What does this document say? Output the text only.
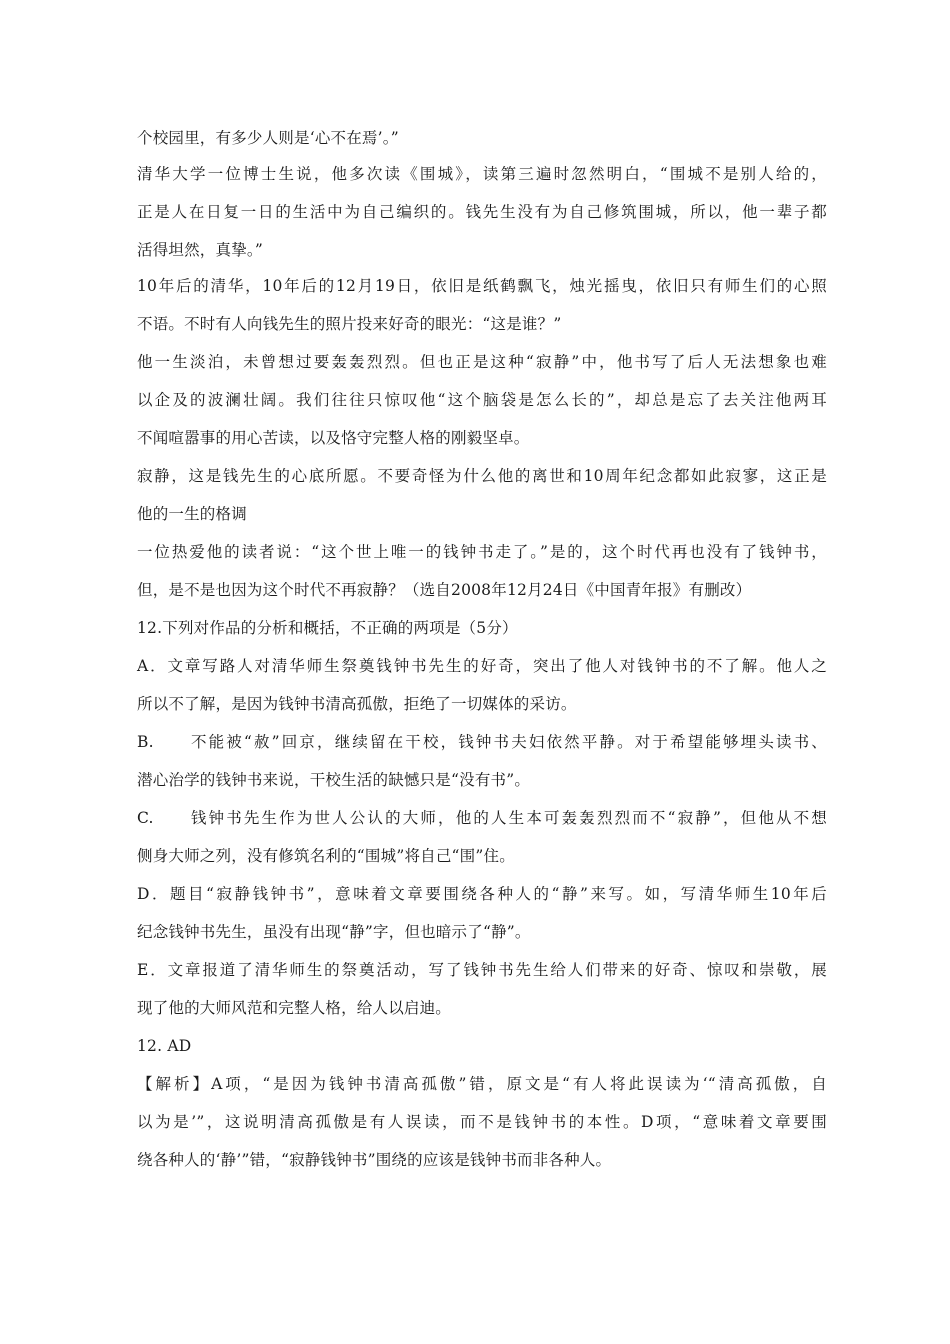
个校园里，有多少人则是‘心不在焉’。”
清华大学一位博士生说，他多次读《围城》，读第三遍时忽然明白，“围城不是别人给的，
正是人在日复一日的生活中为自己编织的。钱先生没有为自己修筑围城，所以，他一辈子都
活得坦然，真挚。”
10年后的清华，10年后的12月19日，依旧是纸鹤飘飞，烛光摇曳，依旧只有师生们的心照
不语。不时有人向钱先生的照片投来好奇的眼光：“这是谁？”
他一生淡泊，未曾想过要轰轰烈烈。但也正是这种“寂静”中，他书写了后人无法想象也难
以企及的波澜壮阔。我们往往只惊叹他“这个脑袋是怎么长的”，却总是忘了去关注他两耳
不闻喧嚣事的用心苦读，以及恪守完整人格的刚毅坚卓。
寂静，这是钱先生的心底所愿。不要奇怪为什么他的离世和10周年纪念都如此寂寥，这正是
他的一生的格调
一位热爱他的读者说：“这个世上唯一的钱钟书走了。”是的，这个时代再也没有了钱钟书，
但，是不是也因为这个时代不再寂静？（选自2008年12月24日《中国青年报》有删改）
12.下列对作品的分析和概括，不正确的两项是（5分）
A．文章写路人对清华师生祭奠钱钟书先生的好奇，突出了他人对钱钟书的不了解。他人之
所以不了解，是因为钱钟书清高孤傲，拒绝了一切媒体的采访。
B.　　不能被“赦”回京，继续留在干校，钱钟书夫妇依然平静。对于希望能够埋头读书、
潜心治学的钱钟书来说，干校生活的缺憾只是“没有书”。
C.　　钱钟书先生作为世人公认的大师，他的人生本可轰轰烈烈而不“寂静”，但他从不想
侧身大师之列，没有修筑名利的“围城”将自己“围”住。
D．题目“寂静钱钟书”，意味着文章要围绕各种人的“静”来写。如，写清华师生10年后
纪念钱钟书先生，虽没有出现“静”字，但也暗示了“静”。
E．文章报道了清华师生的祭奠活动，写了钱钟书先生给人们带来的好奇、惊叹和崇敬，展
现了他的大师风范和完整人格，给人以启迪。
12. AD
【解析】A项，“是因为钱钟书清高孤傲”错，原文是“有人将此误读为‘“清高孤傲，自
以为是’”，这说明清高孤傲是有人误读，而不是钱钟书的本性。D项，“意味着文章要围
绕各种人的‘静’”错，“寂静钱钟书”围绕的应该是钱钟书而非各种人。
